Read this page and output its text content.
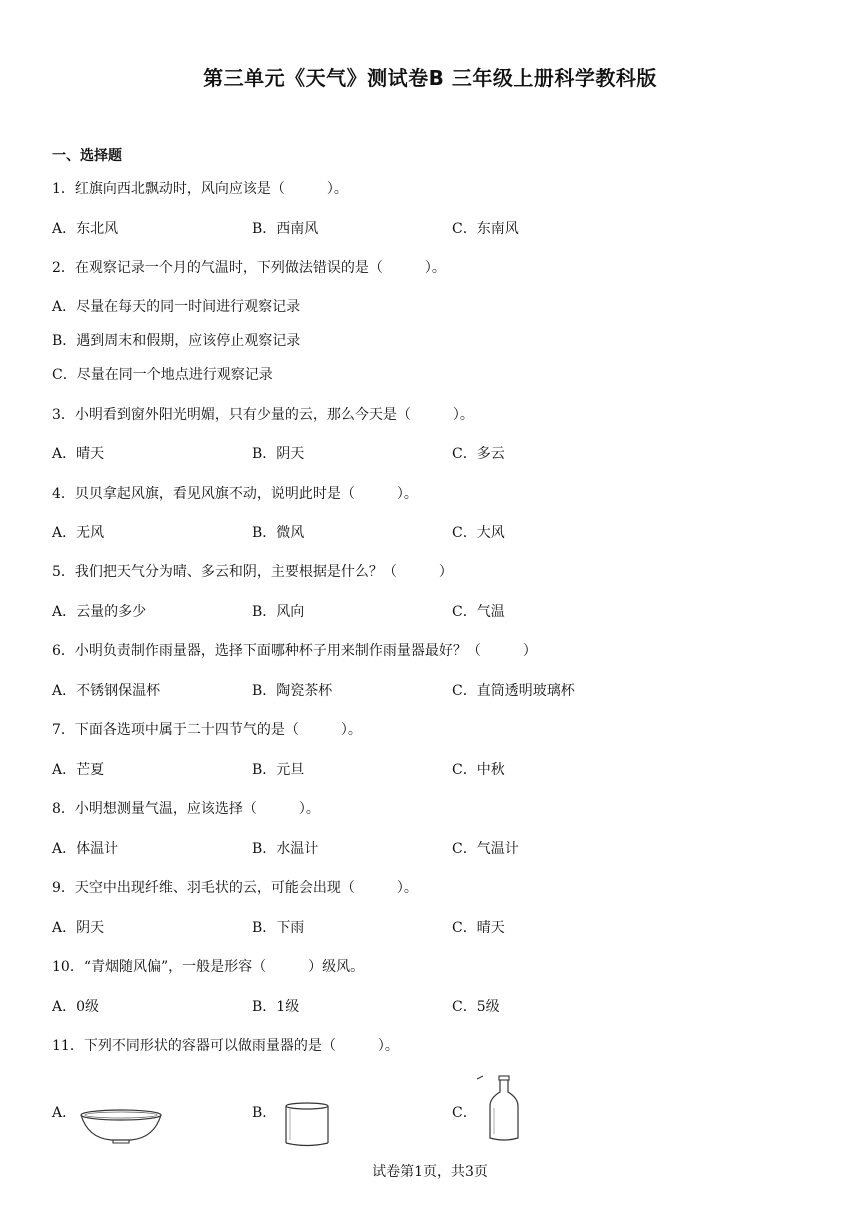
第三单元《天气》测试卷B 三年级上册科学教科版
一、选择题
1．红旗向西北飘动时，风向应该是（　　　）。
A．东北风	B．西南风	C．东南风
2．在观察记录一个月的气温时，下列做法错误的是（　　　）。
A．尽量在每天的同一时间进行观察记录
B．遇到周末和假期，应该停止观察记录
C．尽量在同一个地点进行观察记录
3．小明看到窗外阳光明媚，只有少量的云，那么今天是（　　　）。
A．晴天	B．阴天	C．多云
4．贝贝拿起风旗，看见风旗不动，说明此时是（　　　）。
A．无风	B．微风	C．大风
5．我们把天气分为晴、多云和阴，主要根据是什么？（　　　）
A．云量的多少	B．风向	C．气温
6．小明负责制作雨量器，选择下面哪种杯子用来制作雨量器最好？（　　　）
A．不锈钢保温杯	B．陶瓷茶杯	C．直筒透明玻璃杯
7．下面各选项中属于二十四节气的是（　　　）。
A．芒夏	B．元旦	C．中秋
8．小明想测量气温，应该选择（　　　）。
A．体温计	B．水温计	C．气温计
9．天空中出现纤维、羽毛状的云，可能会出现（　　　）。
A．阴天	B．下雨	C．晴天
10．“青烟随风偏”，一般是形容（　　　）级风。
A．0级	B．1级	C．5级
11．下列不同形状的容器可以做雨量器的是（　　　）。
A．	B．	C．
试卷第1页，共3页
